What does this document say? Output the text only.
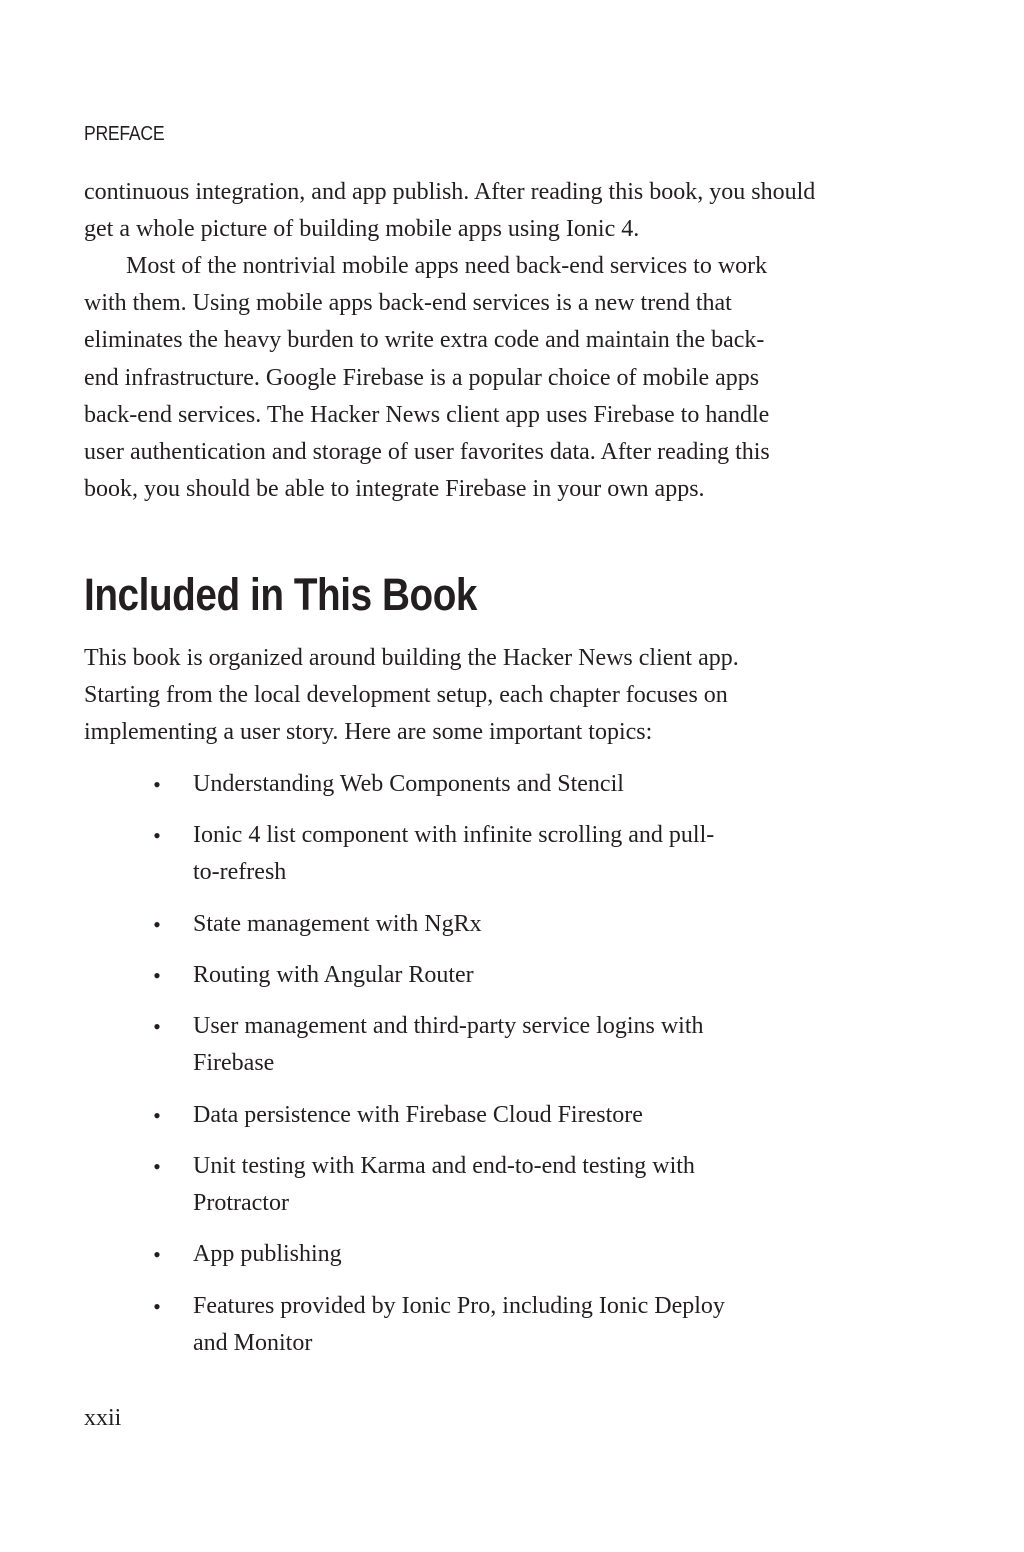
PREFACE

continuous integration, and app publish. After reading this book, you should
get a whole picture of building mobile apps using Ionic 4.

Most of the nontrivial mobile apps need back-end services to work
with them. Using mobile apps back-end services is a new trend that
eliminates the heavy burden to write extra code and maintain the back-
end infrastructure. Google Firebase is a popular choice of mobile apps
back-end services. The Hacker News client app uses Firebase to handle
user authentication and storage of user favorites data. After reading this
book, you should be able to integrate Firebase in your own apps.

Included in This Book

This book is organized around building the Hacker News client app.
Starting from the local development setup, each chapter focuses on
implementing a user story. Here are some important topics:

• Understanding Web Components and Stencil
• Ionic 4 list component with infinite scrolling and pull-
to-refresh
• State management with NgRx
• Routing with Angular Router
• User management and third-party service logins with
Firebase
• Data persistence with Firebase Cloud Firestore
• Unit testing with Karma and end-to-end testing with
Protractor
• App publishing
• Features provided by Ionic Pro, including Ionic Deploy
and Monitor
xxii
